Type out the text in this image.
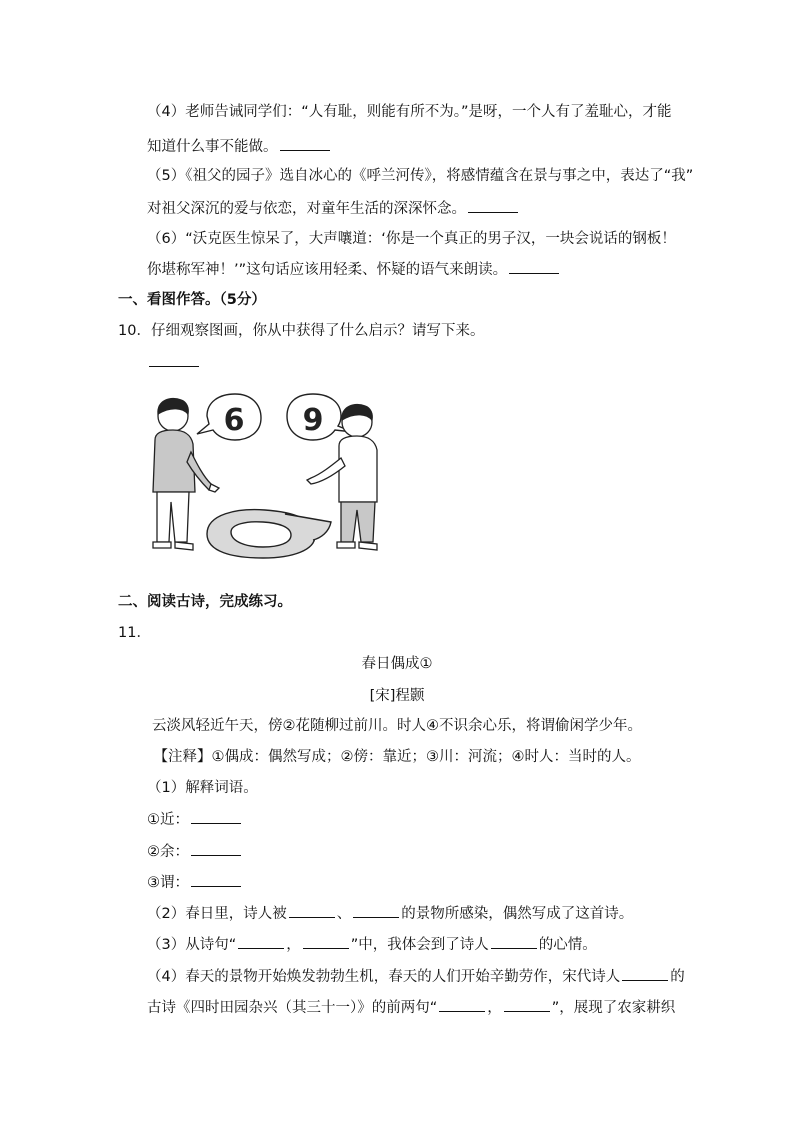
（4）老师告诫同学们：“人有耻，则能有所不为。”是呀，一个人有了羞耻心，才能
知道什么事不能做。
（5）《祖父的园子》选自冰心的《呼兰河传》，将感情蕴含在景与事之中，表达了“我”
对祖父深沉的爱与依恋，对童年生活的深深怀念。
（6）“沃克医生惊呆了，大声嚷道：‘你是一个真正的男子汉，一块会说话的钢板！
你堪称军神！’”这句话应该用轻柔、怀疑的语气来朗读。
一、看图作答。（5分）
10．仔细观察图画，你从中获得了什么启示？请写下来。
6 9
二、阅读古诗，完成练习。
11．
春日偶成①
[宋]程颢
云淡风轻近午天，傍②花随柳过前川。时人④不识余心乐，将谓偷闲学少年。
【注释】①偶成：偶然写成；②傍：靠近；③川：河流；④时人：当时的人。
（1）解释词语。
①近：
②余：
③谓：
（2）春日里，诗人被	、	的景物所感染，偶然写成了这首诗。
（3）从诗句“	，	”中，我体会到了诗人	的心情。
（4）春天的景物开始焕发勃勃生机，春天的人们开始辛勤劳作，宋代诗人	的
古诗《四时田园杂兴（其三十一）》的前两句“	，	”，展现了农家耕织
